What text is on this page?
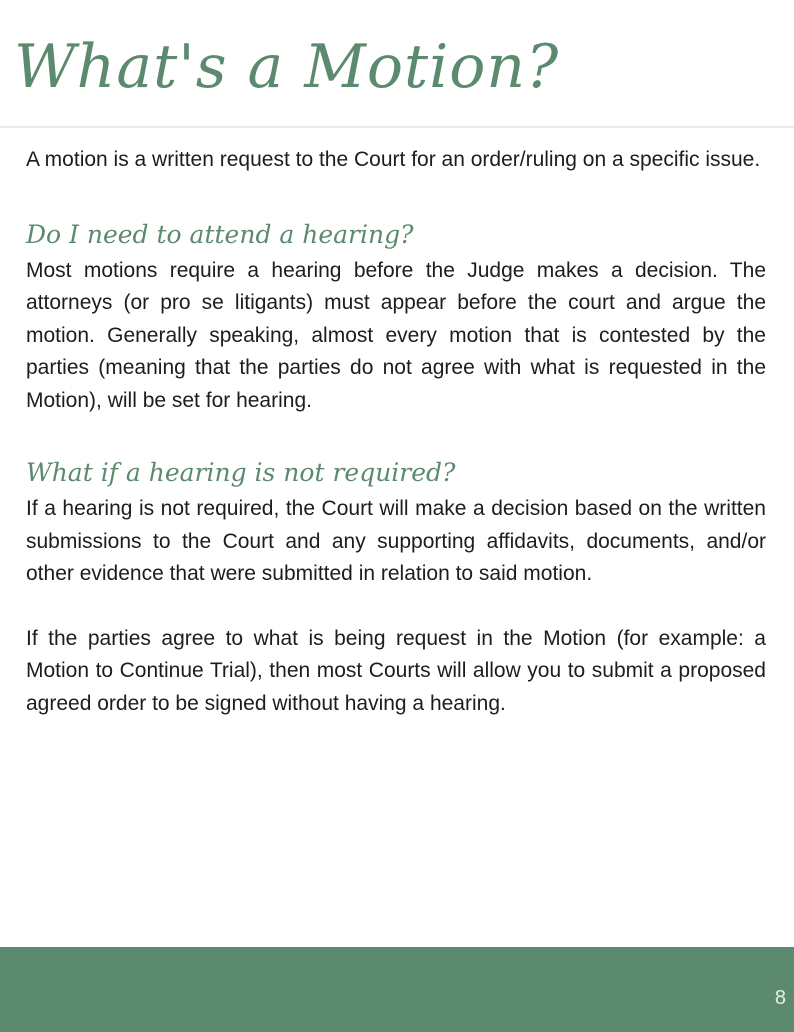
What's a Motion?

A motion is a written request to the Court for an order/ruling on a specific issue.

Do I need to attend a hearing?

Most motions require a hearing before the Judge makes a decision. The attorneys (or pro se litigants) must appear before the court and argue the motion. Generally speaking, almost every motion that is contested by the parties (meaning that the parties do not agree with what is requested in the Motion), will be set for hearing.

What if a hearing is not required?

If a hearing is not required, the Court will make a decision based on the written submissions to the Court and any supporting affidavits, documents, and/or other evidence that were submitted in relation to said motion.

If the parties agree to what is being request in the Motion (for example: a Motion to Continue Trial), then most Courts will allow you to submit a proposed agreed order to be signed without having a hearing.

8
